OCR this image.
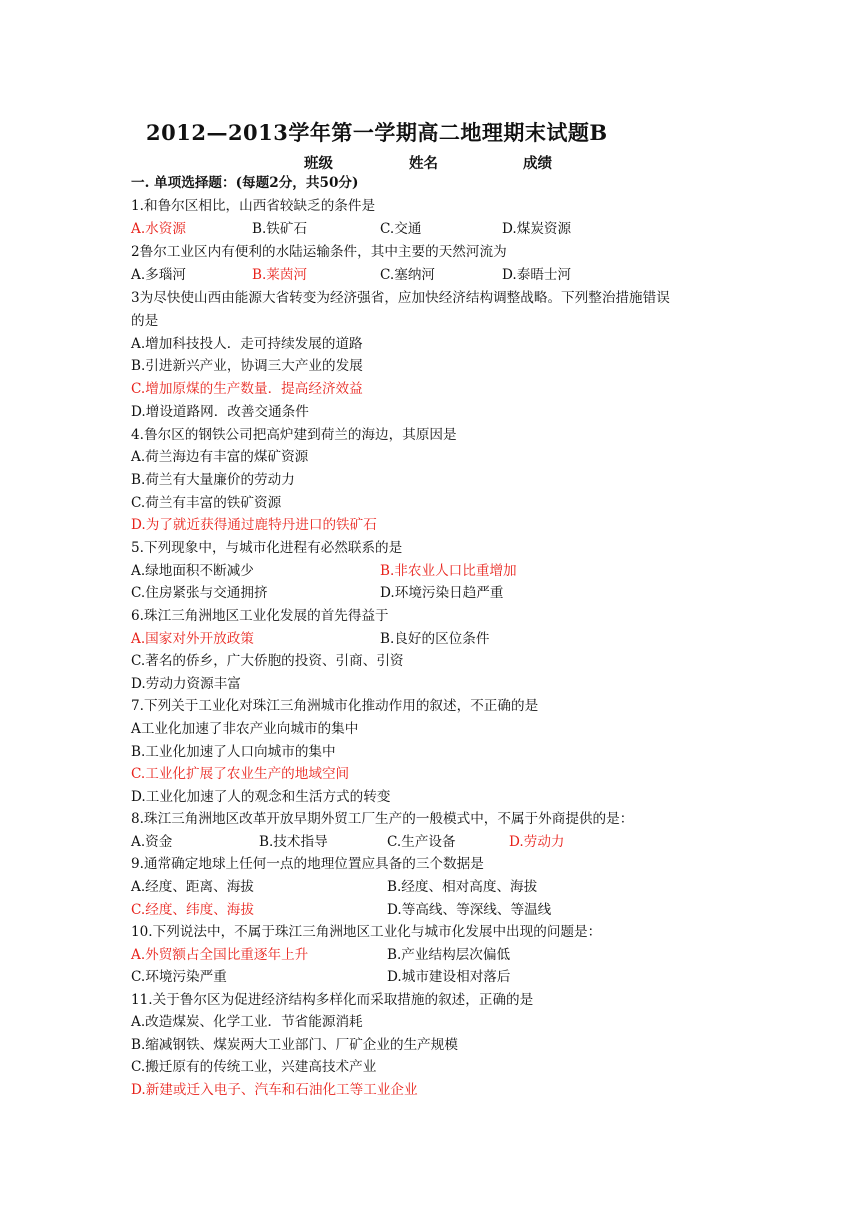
2012—2013学年第一学期高二地理期末试题B
班级	姓名	成绩
一. 单项选择题：(每题2分，共50分)
1.和鲁尔区相比，山西省较缺乏的条件是
A.水资源	B.铁矿石	C.交通	D.煤炭资源
2鲁尔工业区内有便利的水陆运输条件，其中主要的天然河流为
A.多瑙河	B.莱茵河	C.塞纳河	D.泰晤士河
3为尽快使山西由能源大省转变为经济强省，应加快经济结构调整战略。下列整治措施错误
的是
A.增加科技投人．走可持续发展的道路
B.引进新兴产业，协调三大产业的发展
C.增加原煤的生产数量．提高经济效益
D.增设道路网．改善交通条件
4.鲁尔区的钢铁公司把高炉建到荷兰的海边，其原因是
A.荷兰海边有丰富的煤矿资源
B.荷兰有大量廉价的劳动力
C.荷兰有丰富的铁矿资源
D.为了就近获得通过鹿特丹进口的铁矿石
5.下列现象中，与城市化进程有必然联系的是
A.绿地面积不断减少	B.非农业人口比重增加
C.住房紧张与交通拥挤	D.环境污染日趋严重
6.珠江三角洲地区工业化发展的首先得益于
A.国家对外开放政策	B.良好的区位条件
C.著名的侨乡，广大侨胞的投资、引商、引资
D.劳动力资源丰富
7.下列关于工业化对珠江三角洲城市化推动作用的叙述，不正确的是
A工业化加速了非农产业向城市的集中
B.工业化加速了人口向城市的集中
C.工业化扩展了农业生产的地域空间
D.工业化加速了人的观念和生活方式的转变
8.珠江三角洲地区改革开放早期外贸工厂生产的一般模式中，不属于外商提供的是：
A.资金	B.技术指导	C.生产设备	D.劳动力
9.通常确定地球上任何一点的地理位置应具备的三个数据是
A.经度、距离、海拔	B.经度、相对高度、海拔
C.经度、纬度、海拔	D.等高线、等深线、等温线
10.下列说法中，不属于珠江三角洲地区工业化与城市化发展中出现的问题是：
A.外贸额占全国比重逐年上升	B.产业结构层次偏低
C.环境污染严重	D.城市建设相对落后
11.关于鲁尔区为促进经济结构多样化而采取措施的叙述，正确的是
A.改造煤炭、化学工业．节省能源消耗
B.缩减钢铁、煤炭两大工业部门、厂矿企业的生产规模
C.搬迁原有的传统工业，兴建高技术产业
D.新建或迁入电子、汽车和石油化工等工业企业
